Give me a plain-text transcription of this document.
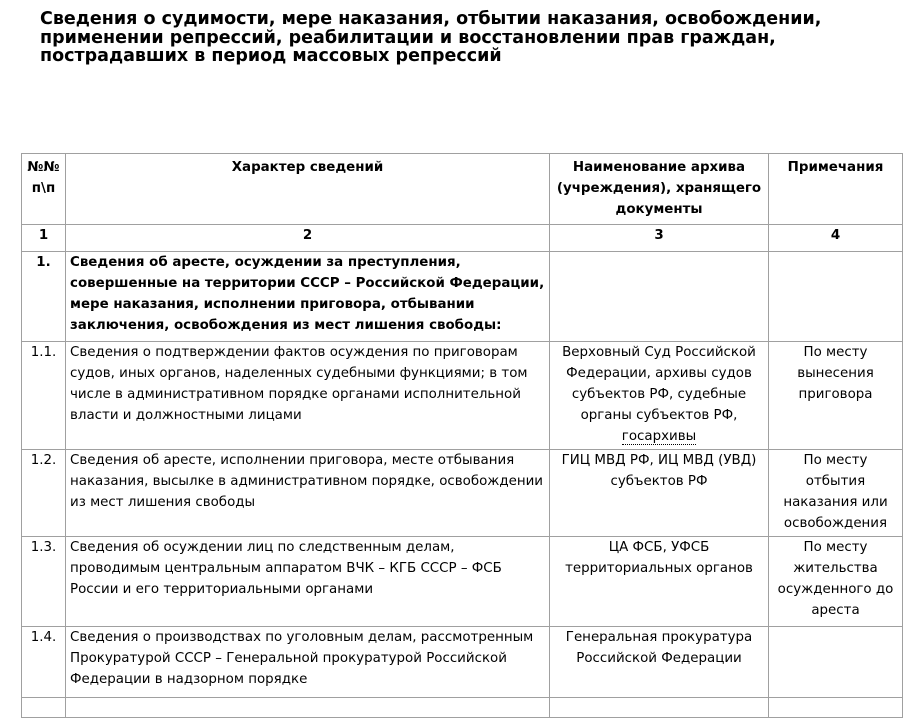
Сведения о судимости, мере наказания, отбытии наказания, освобождении, применении репрессий, реабилитации и восстановлении прав граждан, пострадавших в период массовых репрессий
№№ п\п	Характер сведений	Наименование архива (учреждения), хранящего документы	Примечания
1	2	3	4
1.	Сведения об аресте, осуждении за преступления, совершенные на территории СССР – Российской Федерации, мере наказания, исполнении приговора, отбывании заключения, освобождения из мест лишения свободы:		
1.1.	Сведения о подтверждении фактов осуждения по приговорам судов, иных органов, наделенных судебными функциями; в том числе в административном порядке органами исполнительной власти и должностными лицами	Верховный Суд Российской Федерации, архивы судов субъектов РФ, судебные органы субъектов РФ, госархивы	По месту вынесения приговора
1.2.	Сведения об аресте, исполнении приговора, месте отбывания наказания, высылке в административном порядке, освобождении из мест лишения свободы	ГИЦ МВД РФ, ИЦ МВД (УВД) субъектов РФ	По месту отбытия наказания или освобождения
1.3.	Сведения об осуждении лиц по следственным делам, проводимым центральным аппаратом ВЧК – КГБ СССР – ФСБ России и его территориальными органами	ЦА ФСБ, УФСБ территориальных органов	По месту жительства осужденного до ареста
1.4.	Сведения о производствах по уголовным делам, рассмотренным Прокуратурой СССР – Генеральной прокуратурой Российской Федерации в надзорном порядке	Генеральная прокуратура Российской Федерации	
